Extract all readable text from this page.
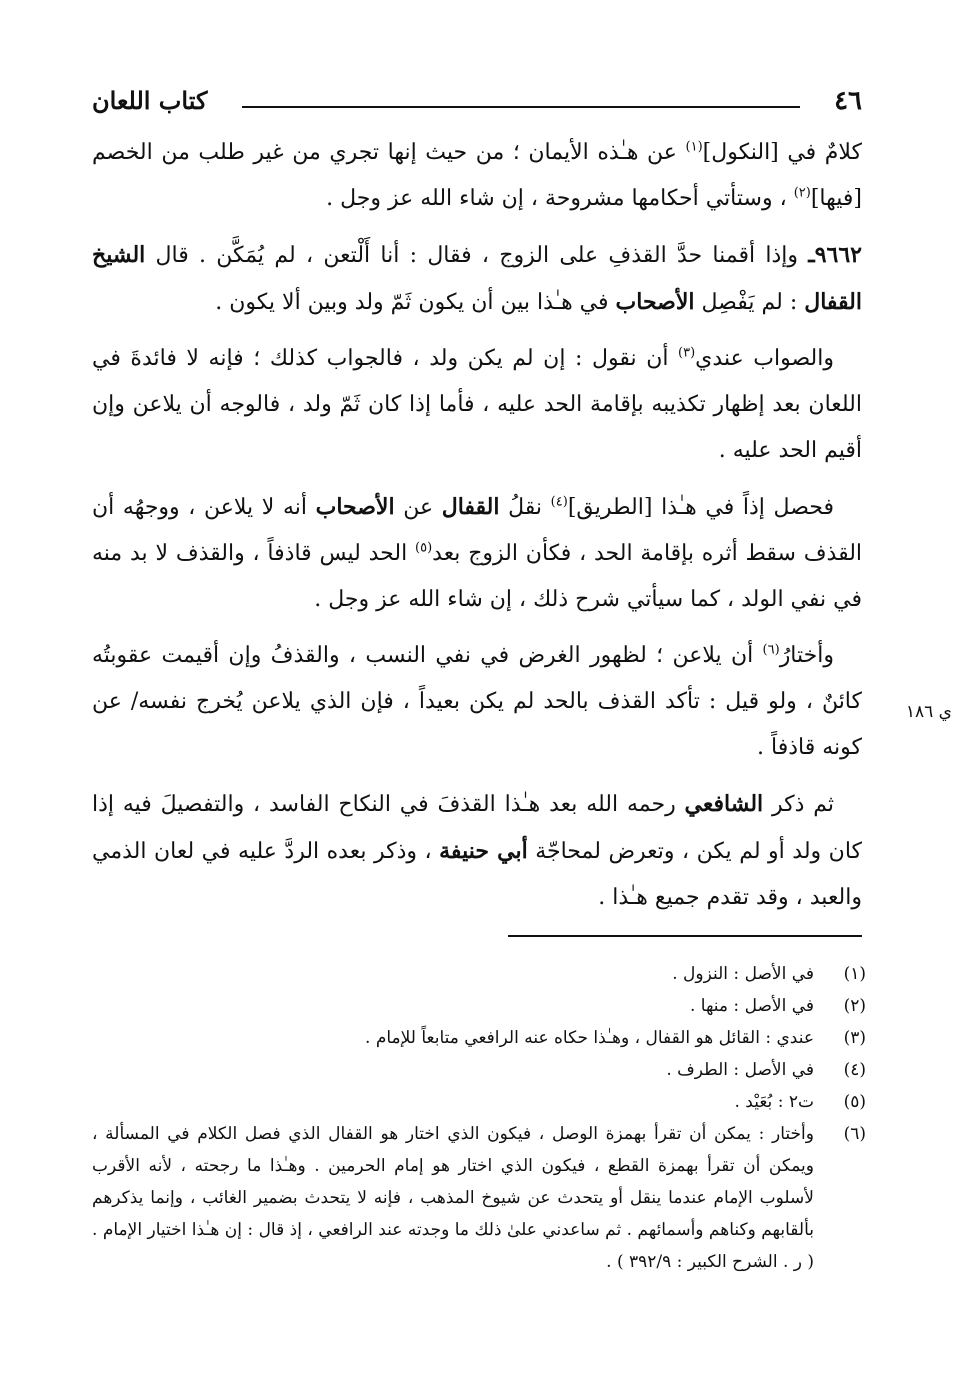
٤٦
كتاب اللعان

كلامٌ في [النكول]$^{(١)}$ عن هـٰذه الأيمان ؛ من حيث إنها تجري من غير طلب من الخصم [فيها]$^{(٢)}$ ، وستأتي أحكامها مشروحة ، إن شاء الله عز وجل .

٩٦٦٢ـ وإذا أقمنا حدَّ القذفِ على الزوج ، فقال : أنا أَلْتعن ، لم يُمَكَّن . قال الشيخ القفال : لم يَفْصِل الأصحاب في هـٰذا بين أن يكون ثَمّ ولد وبين ألا يكون .

والصواب عندي$^{(٣)}$ أن نقول : إن لم يكن ولد ، فالجواب كذلك ؛ فإنه لا فائدةَ في اللعان بعد إظهار تكذيبه بإقامة الحد عليه ، فأما إذا كان ثَمّ ولد ، فالوجه أن يلاعن وإن أقيم الحد عليه .

فحصل إذاً في هـٰذا [الطريق]$^{(٤)}$ نقلُ القفال عن الأصحاب أنه لا يلاعن ، ووجهُه أن القذف سقط أثره بإقامة الحد ، فكأن الزوج بعد$^{(٥)}$ الحد ليس قاذفاً ، والقذف لا بد منه في نفي الولد ، كما سيأتي شرح ذلك ، إن شاء الله عز وجل .

وأختارُ$^{(٦)}$ أن يلاعن ؛ لظهور الغرض في نفي النسب ، والقذفُ وإن أقيمت عقوبتُه كائنٌ ، ولو قيل : تأكد القذف بالحد لم يكن بعيداً ، فإن الذي يلاعن يُخرج نفسه/ عن كونه قاذفاً .

ثم ذكر الشافعي رحمه الله بعد هـٰذا القذفَ في النكاح الفاسد ، والتفصيلَ فيه إذا كان ولد أو لم يكن ، وتعرض لمحاجّة أبي حنيفة ، وذكر بعده الردَّ عليه في لعان الذمي والعبد ، وقد تقدم جميع هـٰذا .

ي ١٨٦
(١)
في الأصل : النزول .
(٢)
في الأصل : منها .
(٣)
عندي : القائل هو القفال ، وهـٰذا حكاه عنه الرافعي متابعاً للإمام .
(٤)
في الأصل : الطرف .
(٥)
ت٢ : بُعَيْد .
(٦)
وأختار : يمكن أن تقرأ بهمزة الوصل ، فيكون الذي اختار هو القفال الذي فصل الكلام في المسألة ، ويمكن أن تقرأ بهمزة القطع ، فيكون الذي اختار هو إمام الحرمين . وهـٰذا ما رجحته ، لأنه الأقرب لأسلوب الإمام عندما ينقل أو يتحدث عن شيوخ المذهب ، فإنه لا يتحدث بضمير الغائب ، وإنما يذكرهم بألقابهم وكناهم وأسمائهم . ثم ساعدني علىٰ ذلك ما وجدته عند الرافعي ، إذ قال : إن هـٰذا اختيار الإمام . ( ر . الشرح الكبير : ٣٩٢/٩ ) .
